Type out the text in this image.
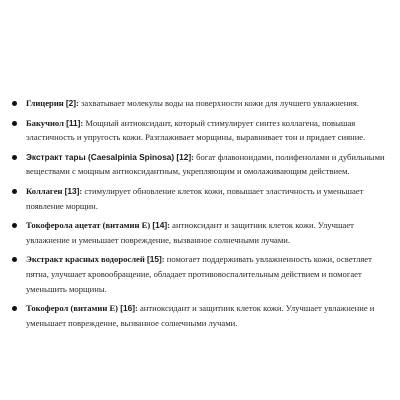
Глицерин [2]: захватывает молекулы воды на поверхности кожи для лучшего увлажнения.
Бакучиол [11]: Мощный антиоксидант, который стимулирует синтез коллагена, повышая эластичность и упругость кожи. Разглаживает морщины, выравнивает тон и придает сияние.
Экстракт тары (Caesalpinia Spinosa) [12]: богат флавоноидами, полифенолами и дубильными веществами с мощным антиоксидантным, укрепляющим и омолаживающим действием.
Коллаген [13]: стимулирует обновление клеток кожи, повышает эластичность и уменьшает появление морщин.
Токоферола ацетат (витамин E) [14]: антиоксидант и защитник клеток кожи. Улучшает увлажнение и уменьшает повреждение, вызванное солнечными лучами.
Экстракт красных водорослей [15]: помогает поддерживать увлажненность кожи, осветляет пятна, улучшает кровообращение, обладает противовоспалительным действием и помогает уменьшить морщины.
Токоферол (витамин E) [16]: антиоксидант и защитник клеток кожи. Улучшает увлажнение и уменьшает повреждение, вызванное солнечными лучами.
